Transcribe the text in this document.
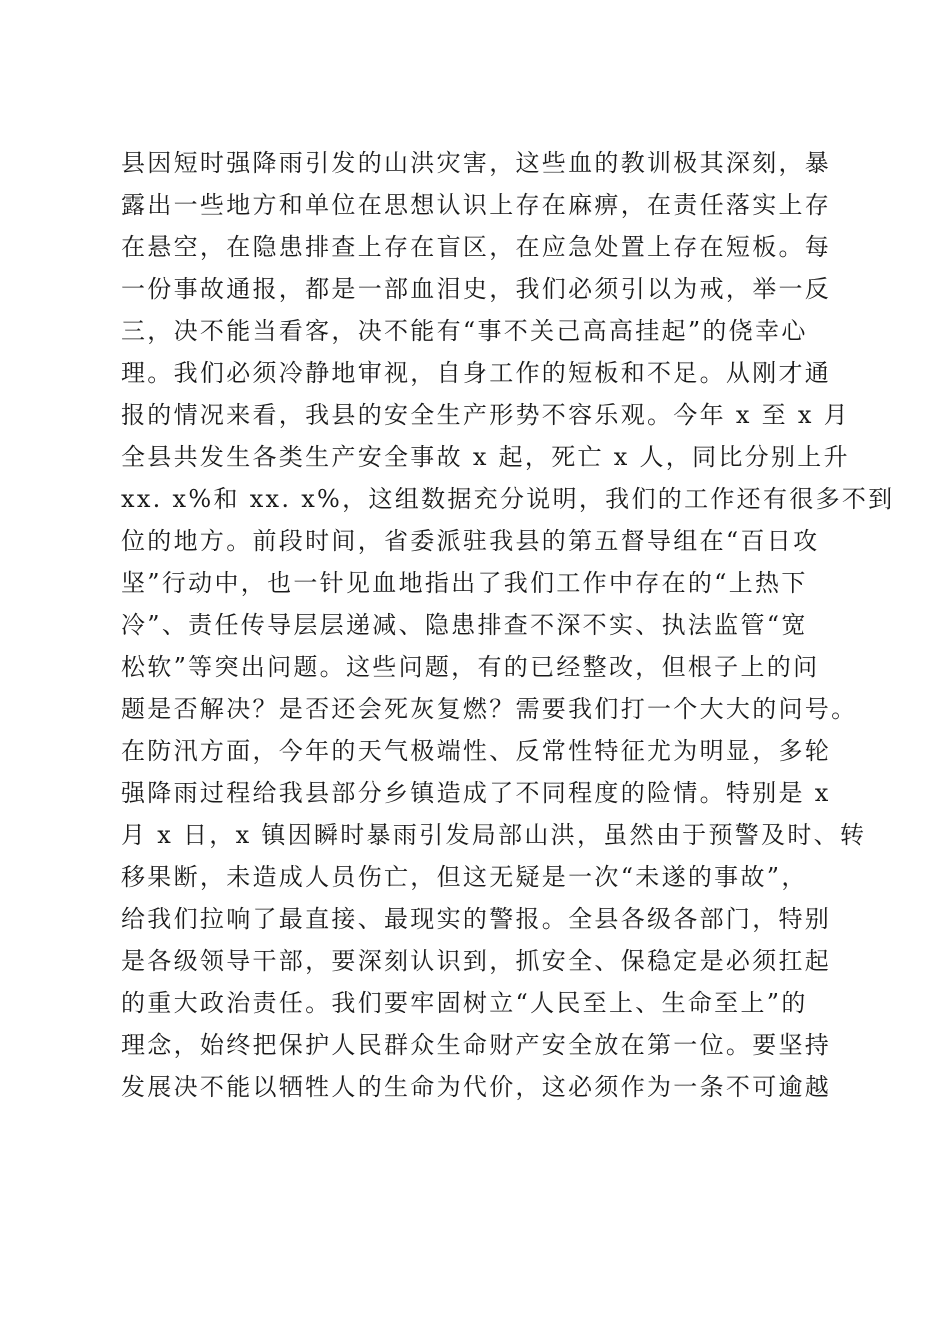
县因短时强降雨引发的山洪灾害，这些血的教训极其深刻，暴
露出一些地方和单位在思想认识上存在麻痹，在责任落实上存
在悬空，在隐患排查上存在盲区，在应急处置上存在短板。每
一份事故通报，都是一部血泪史，我们必须引以为戒，举一反
三，决不能当看客，决不能有“事不关己高高挂起”的侥幸心
理。我们必须冷静地审视，自身工作的短板和不足。从刚才通
报的情况来看，我县的安全生产形势不容乐观。今年 x 至 x 月
全县共发生各类生产安全事故 x 起，死亡 x 人，同比分别上升
xx. x%和 xx. x%，这组数据充分说明，我们的工作还有很多不到
位的地方。前段时间，省委派驻我县的第五督导组在“百日攻
坚”行动中，也一针见血地指出了我们工作中存在的“上热下
冷”、责任传导层层递减、隐患排查不深不实、执法监管“宽
松软”等突出问题。这些问题，有的已经整改，但根子上的问
题是否解决？是否还会死灰复燃？需要我们打一个大大的问号。
在防汛方面，今年的天气极端性、反常性特征尤为明显，多轮
强降雨过程给我县部分乡镇造成了不同程度的险情。特别是 x
月 x 日，x 镇因瞬时暴雨引发局部山洪，虽然由于预警及时、转
移果断，未造成人员伤亡，但这无疑是一次“未遂的事故”，
给我们拉响了最直接、最现实的警报。全县各级各部门，特别
是各级领导干部，要深刻认识到，抓安全、保稳定是必须扛起
的重大政治责任。我们要牢固树立“人民至上、生命至上”的
理念，始终把保护人民群众生命财产安全放在第一位。要坚持
发展决不能以牺牲人的生命为代价，这必须作为一条不可逾越
